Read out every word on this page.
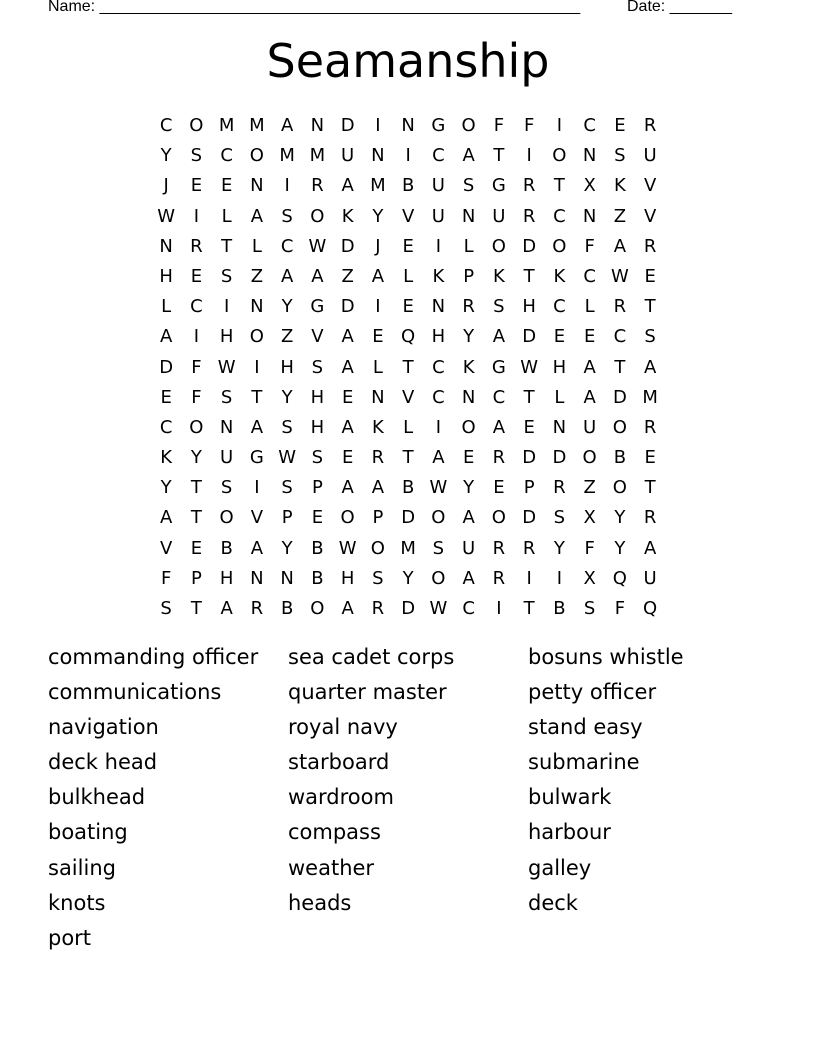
Name: ______________________________________________________	Date: _______
Seamanship
C O M M A N D	I	N G O F	F	I	C	E	R
Y	S	C O M M U N	I	C A	T	I	O N S U
J	E	E N	I	R A M B U S G R	T	X	K	V
W	I	L	A	S O K	Y	V U N U R C N Z V
N R	T	L	C W D	J	E	I	L	O D O F	A R
H E	S	Z A A Z A	L	K	P	K	T	K	C W E
L	C	I	N	Y G D	I	E N R	S H C	L	R	T
A	I	H O Z V A	E Q H Y	A D E	E	C	S
D	F W	I	H S	A	L	T	C	K G W H A	T	A
E	F	S	T	Y H E N V C N C	T	L	A D M
C O N A	S H A	K	L	I	O A	E N U O R
K	Y	U G W S	E	R	T	A	E	R D D O B	E
Y	T	S	I	S	P	A A B W Y	E	P	R Z O T
A	T O V	P	E O P D O A O D S	X	Y	R
V	E	B A	Y	B W O M S U R R	Y	F	Y	A
F	P	H N N B H S	Y O A R	I	I	X Q U
S	T	A R B O A R D W C	I	T	B	S	F Q
commanding officer
communications
navigation
deck head
bulkhead
boating
sailing
knots
port
sea cadet corps
quarter master
royal navy
starboard
wardroom
compass
weather
heads
bosuns whistle
petty officer
stand easy
submarine
bulwark
harbour
galley
deck
